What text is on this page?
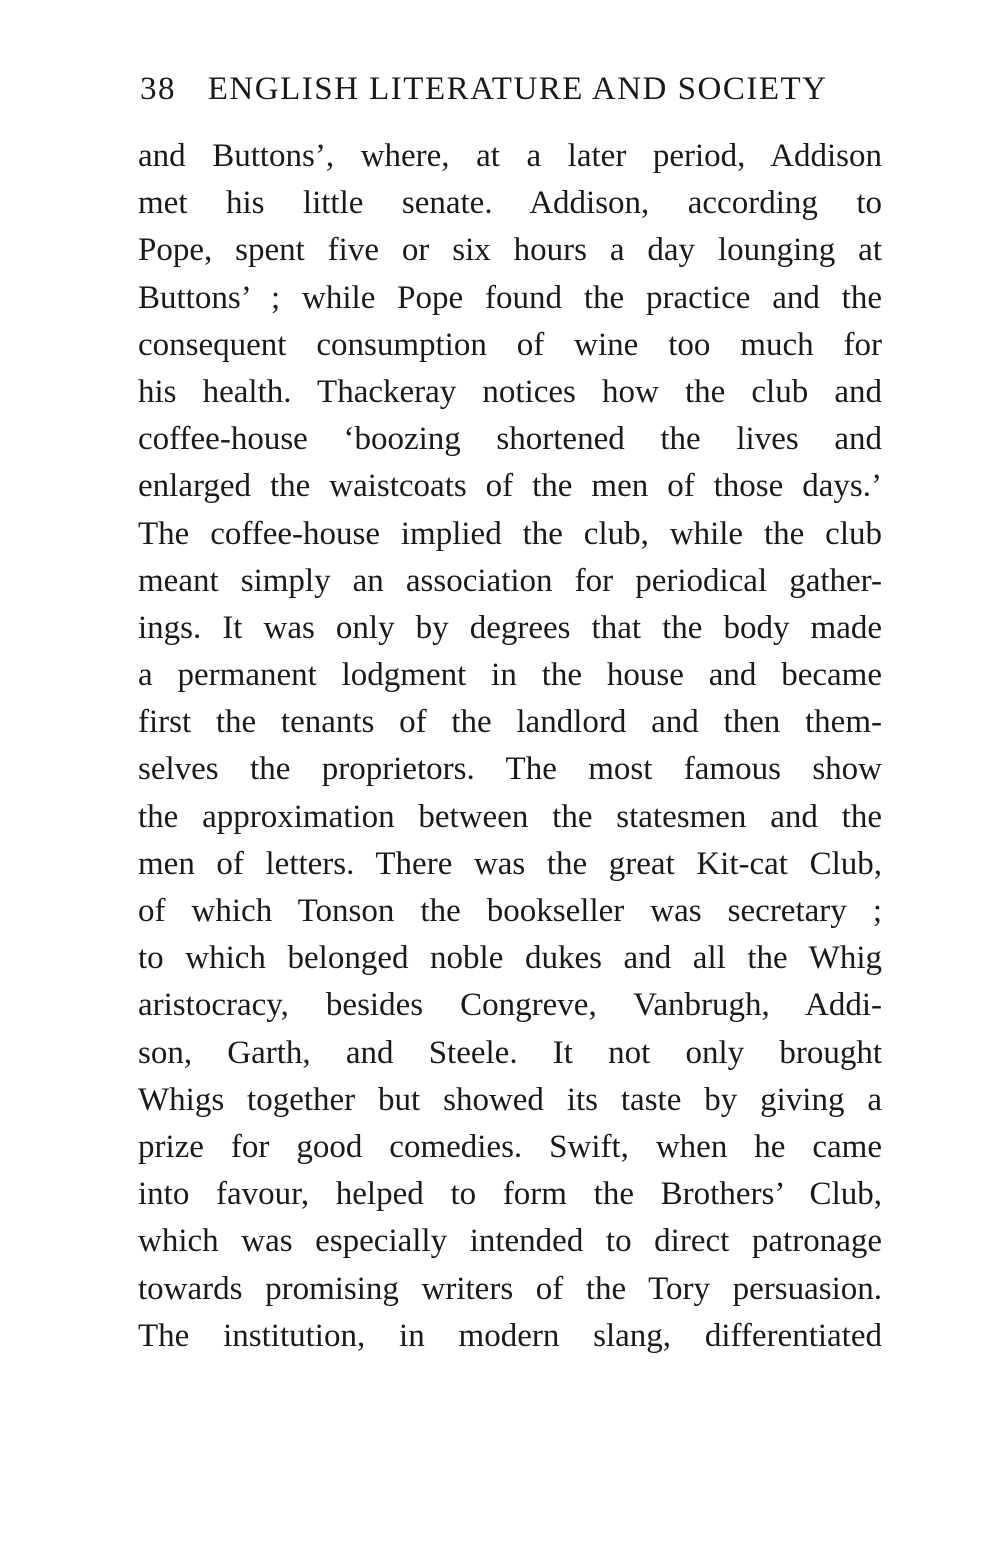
38 ENGLISH LITERATURE AND SOCIETY
and Buttons’, where, at a later period, Addison
met his little senate. Addison, according to
Pope, spent five or six hours a day lounging at
Buttons’ ; while Pope found the practice and the
consequent consumption of wine too much for
his health. Thackeray notices how the club and
coffee-house ‘boozing shortened the lives and
enlarged the waistcoats of the men of those days.’
The coffee-house implied the club, while the club
meant simply an association for periodical gather-
ings. It was only by degrees that the body made
a permanent lodgment in the house and became
first the tenants of the landlord and then them-
selves the proprietors. The most famous show
the approximation between the statesmen and the
men of letters. There was the great Kit-cat Club,
of which Tonson the bookseller was secretary ;
to which belonged noble dukes and all the Whig
aristocracy, besides Congreve, Vanbrugh, Addi-
son, Garth, and Steele. It not only brought
Whigs together but showed its taste by giving a
prize for good comedies. Swift, when he came
into favour, helped to form the Brothers’ Club,
which was especially intended to direct patronage
towards promising writers of the Tory persuasion.
The institution, in modern slang, differentiated
